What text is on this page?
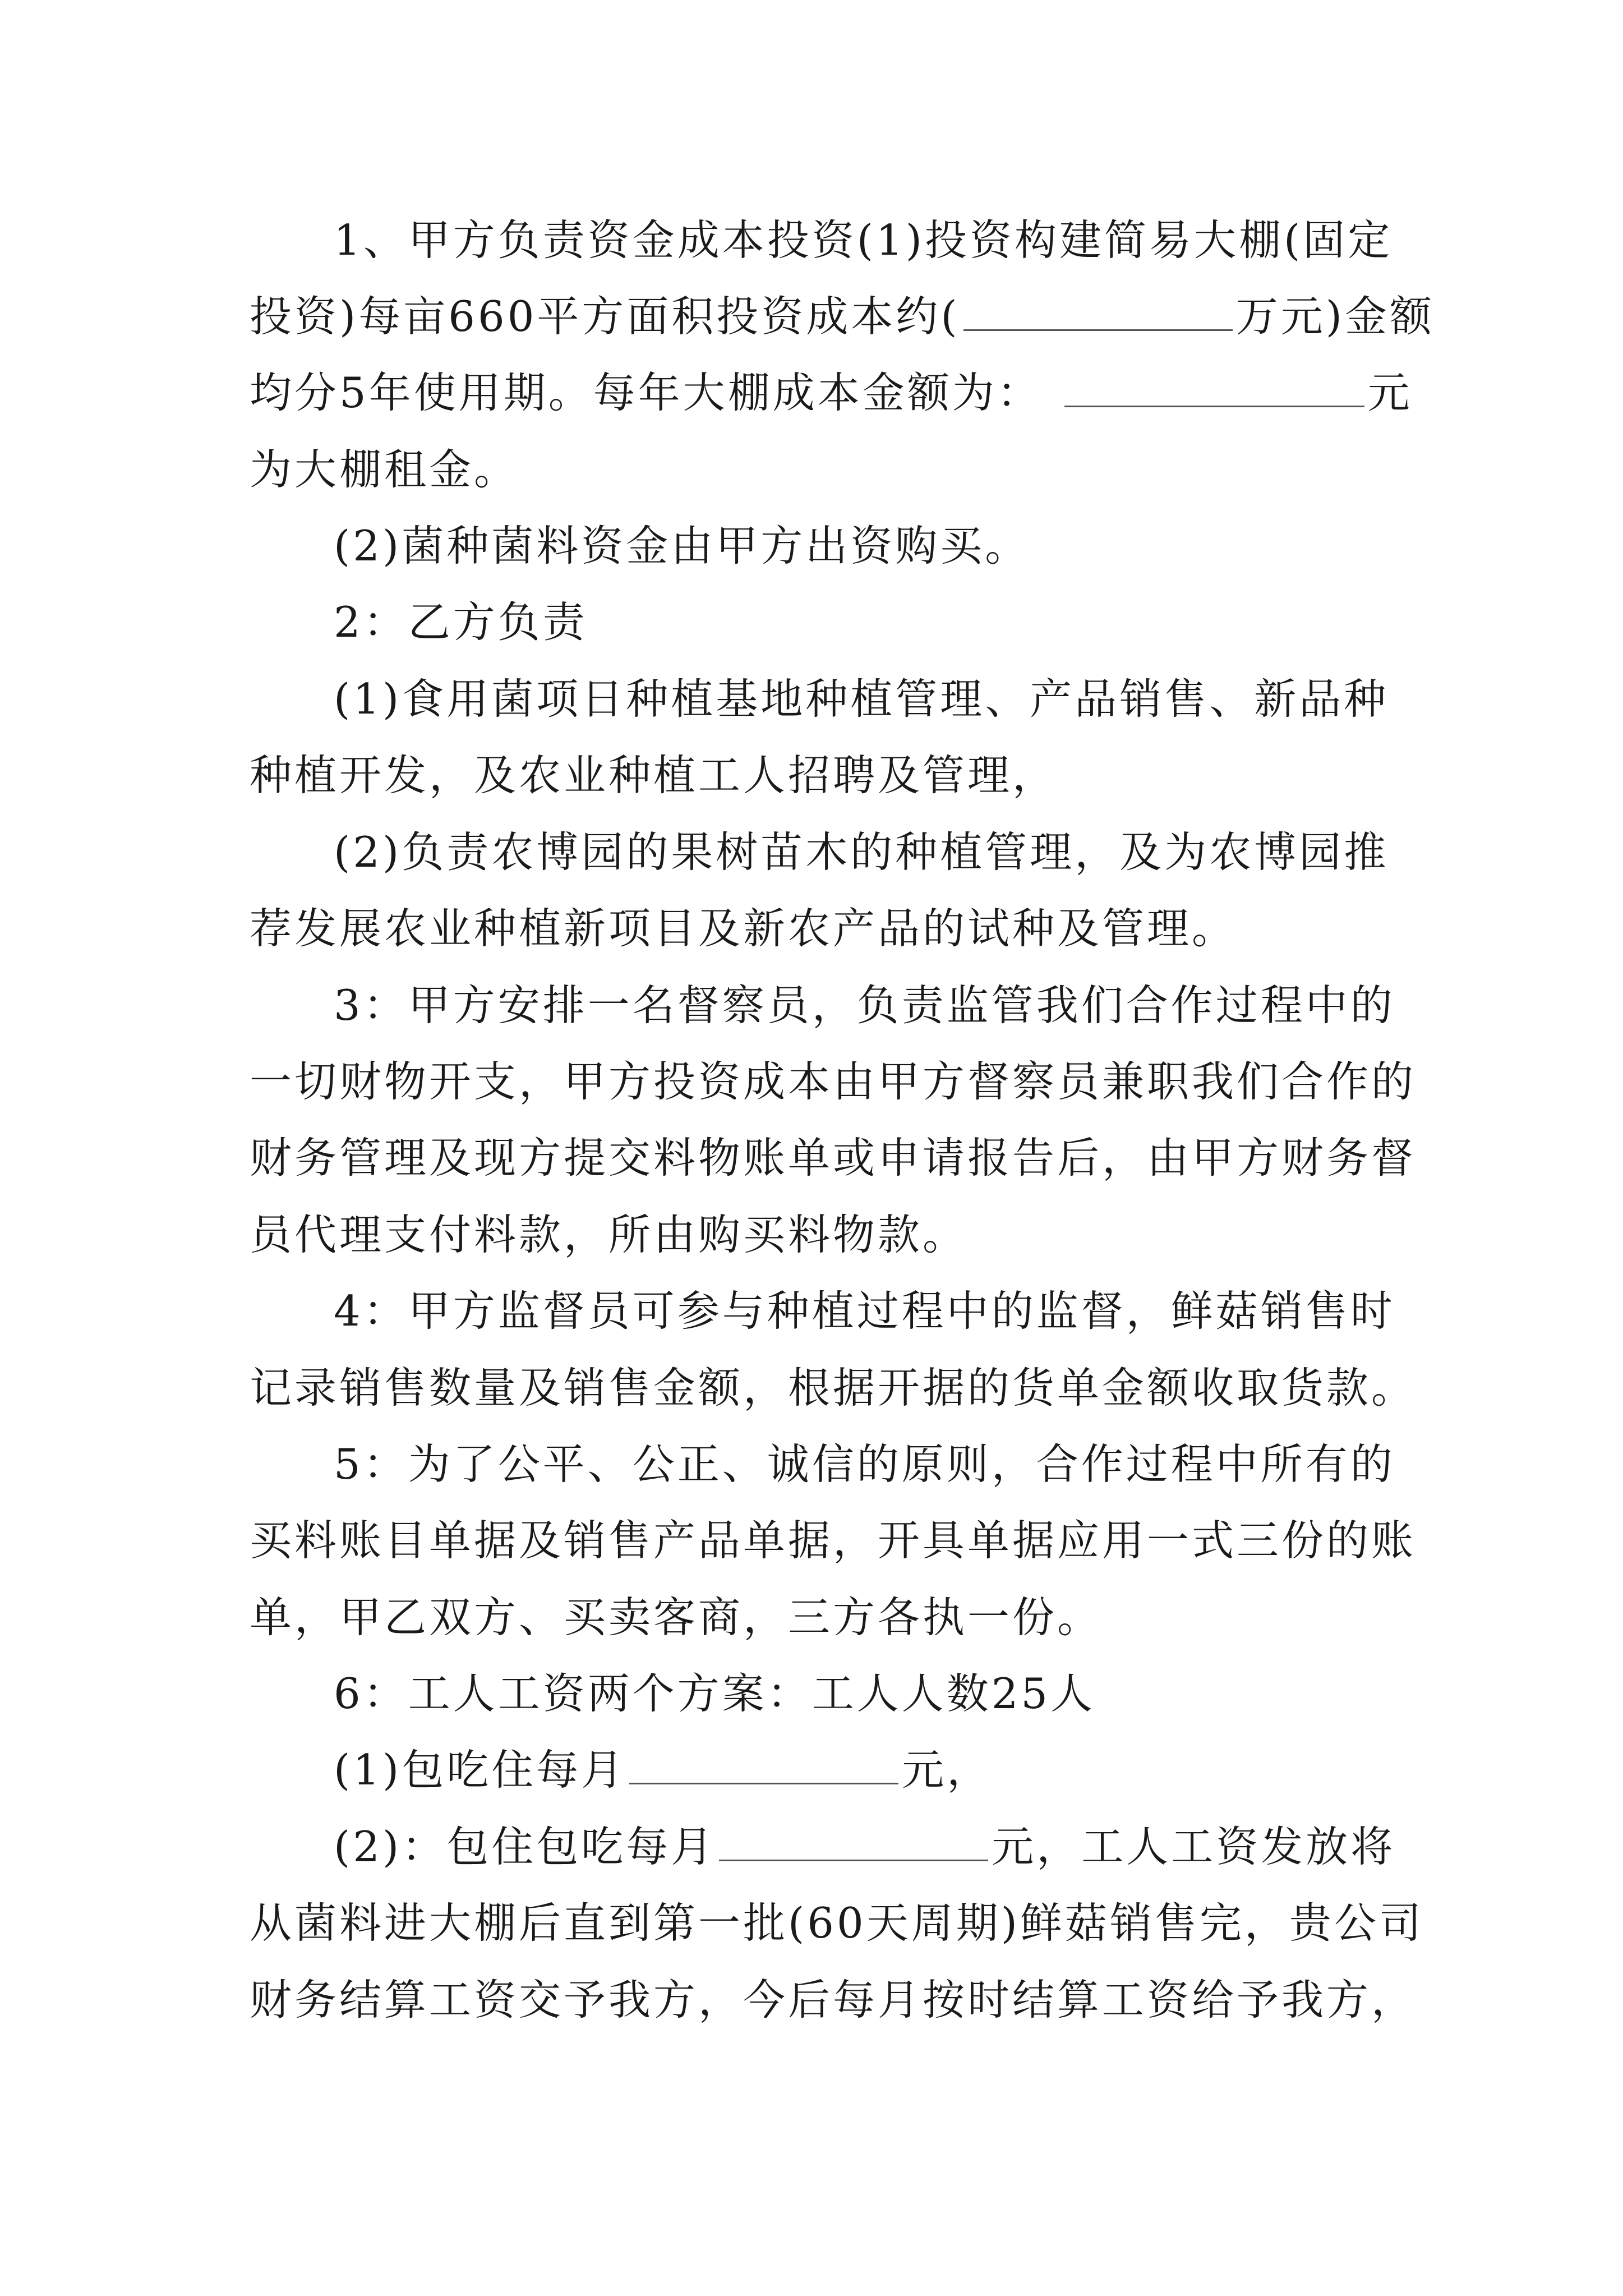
1、甲方负责资金成本投资(1)投资构建简易大棚(固定
投资)每亩660平方面积投资成本约(	万元)金额
均分5年使用期。每年大棚成本金额为：	元
为大棚租金。
(2)菌种菌料资金由甲方出资购买。
2：乙方负责
(1)食用菌项日种植基地种植管理、产品销售、新品种
种植开发，及农业种植工人招聘及管理，
(2)负责农博园的果树苗木的种植管理，及为农博园推
荐发展农业种植新项目及新农产品的试种及管理。
3：甲方安排一名督察员，负责监管我们合作过程中的
一切财物开支，甲方投资成本由甲方督察员兼职我们合作的
财务管理及现方提交料物账单或申请报告后，由甲方财务督
员代理支付料款，所由购买料物款。
4：甲方监督员可参与种植过程中的监督，鲜菇销售时
记录销售数量及销售金额，根据开据的货单金额收取货款。
5：为了公平、公正、诚信的原则，合作过程中所有的
买料账目单据及销售产品单据，开具单据应用一式三份的账
单，甲乙双方、买卖客商，三方各执一份。
6：工人工资两个方案：工人人数25人
(1)包吃住每月	元，
(2)：包住包吃每月	元，工人工资发放将
从菌料进大棚后直到第一批(60天周期)鲜菇销售完，贵公司
财务结算工资交予我方，今后每月按时结算工资给予我方，
